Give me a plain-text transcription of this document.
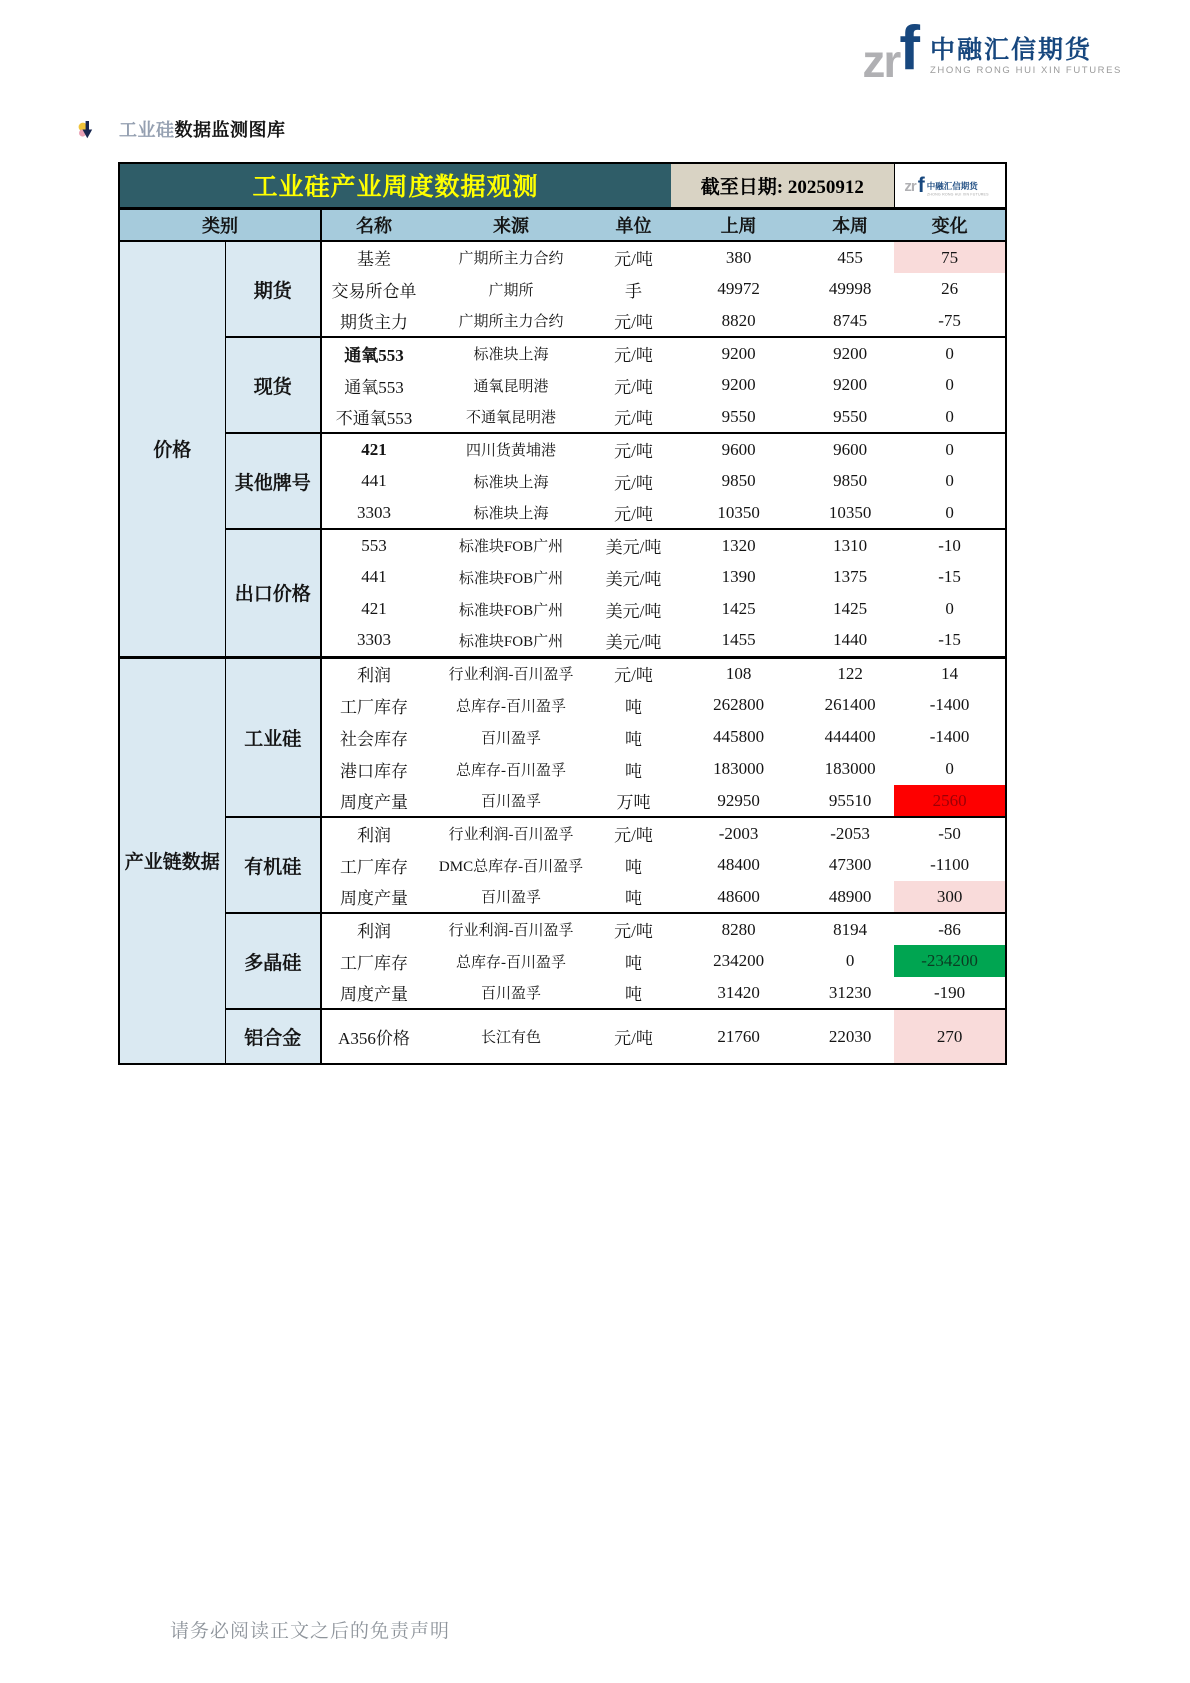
zrf 中融汇信期货
ZHONG RONG HUI XIN FUTURES
工业硅数据监测图库
工业硅产业周度数据观测					截至日期: 20250912		zr f 中融汇信期货
ZHONG RONG HUI XIN FUTURES

类别		名称	来源	单位	上周	本周	变化
价格	期货	基差	广期所主力合约	元/吨	380	455	75
		交易所仓单	广期所	手	49972	49998	26
		期货主力	广期所主力合约	元/吨	8820	8745	-75
	现货	通氧553	标准块上海	元/吨	9200	9200	0
		通氧553	通氧昆明港	元/吨	9200	9200	0
		不通氧553	不通氧昆明港	元/吨	9550	9550	0
	其他牌号	421	四川货黄埔港	元/吨	9600	9600	0
		441	标准块上海	元/吨	9850	9850	0
		3303	标准块上海	元/吨	10350	10350	0
	出口价格	553	标准块FOB广州	美元/吨	1320	1310	-10
		441	标准块FOB广州	美元/吨	1390	1375	-15
		421	标准块FOB广州	美元/吨	1425	1425	0
		3303	标准块FOB广州	美元/吨	1455	1440	-15
产业链数据	工业硅	利润	行业利润-百川盈孚	元/吨	108	122	14
		工厂库存	总库存-百川盈孚	吨	262800	261400	-1400
		社会库存	百川盈孚	吨	445800	444400	-1400
		港口库存	总库存-百川盈孚	吨	183000	183000	0
		周度产量	百川盈孚	万吨	92950	95510	2560
	有机硅	利润	行业利润-百川盈孚	元/吨	-2003	-2053	-50
		工厂库存	DMC总库存-百川盈孚	吨	48400	47300	-1100
		周度产量	百川盈孚	吨	48600	48900	300
	多晶硅	利润	行业利润-百川盈孚	元/吨	8280	8194	-86
		工厂库存	总库存-百川盈孚	吨	234200	0	-234200
		周度产量	百川盈孚	吨	31420	31230	-190
	铝合金	A356价格	长江有色	元/吨	21760	22030	270
请务必阅读正文之后的免责声明
